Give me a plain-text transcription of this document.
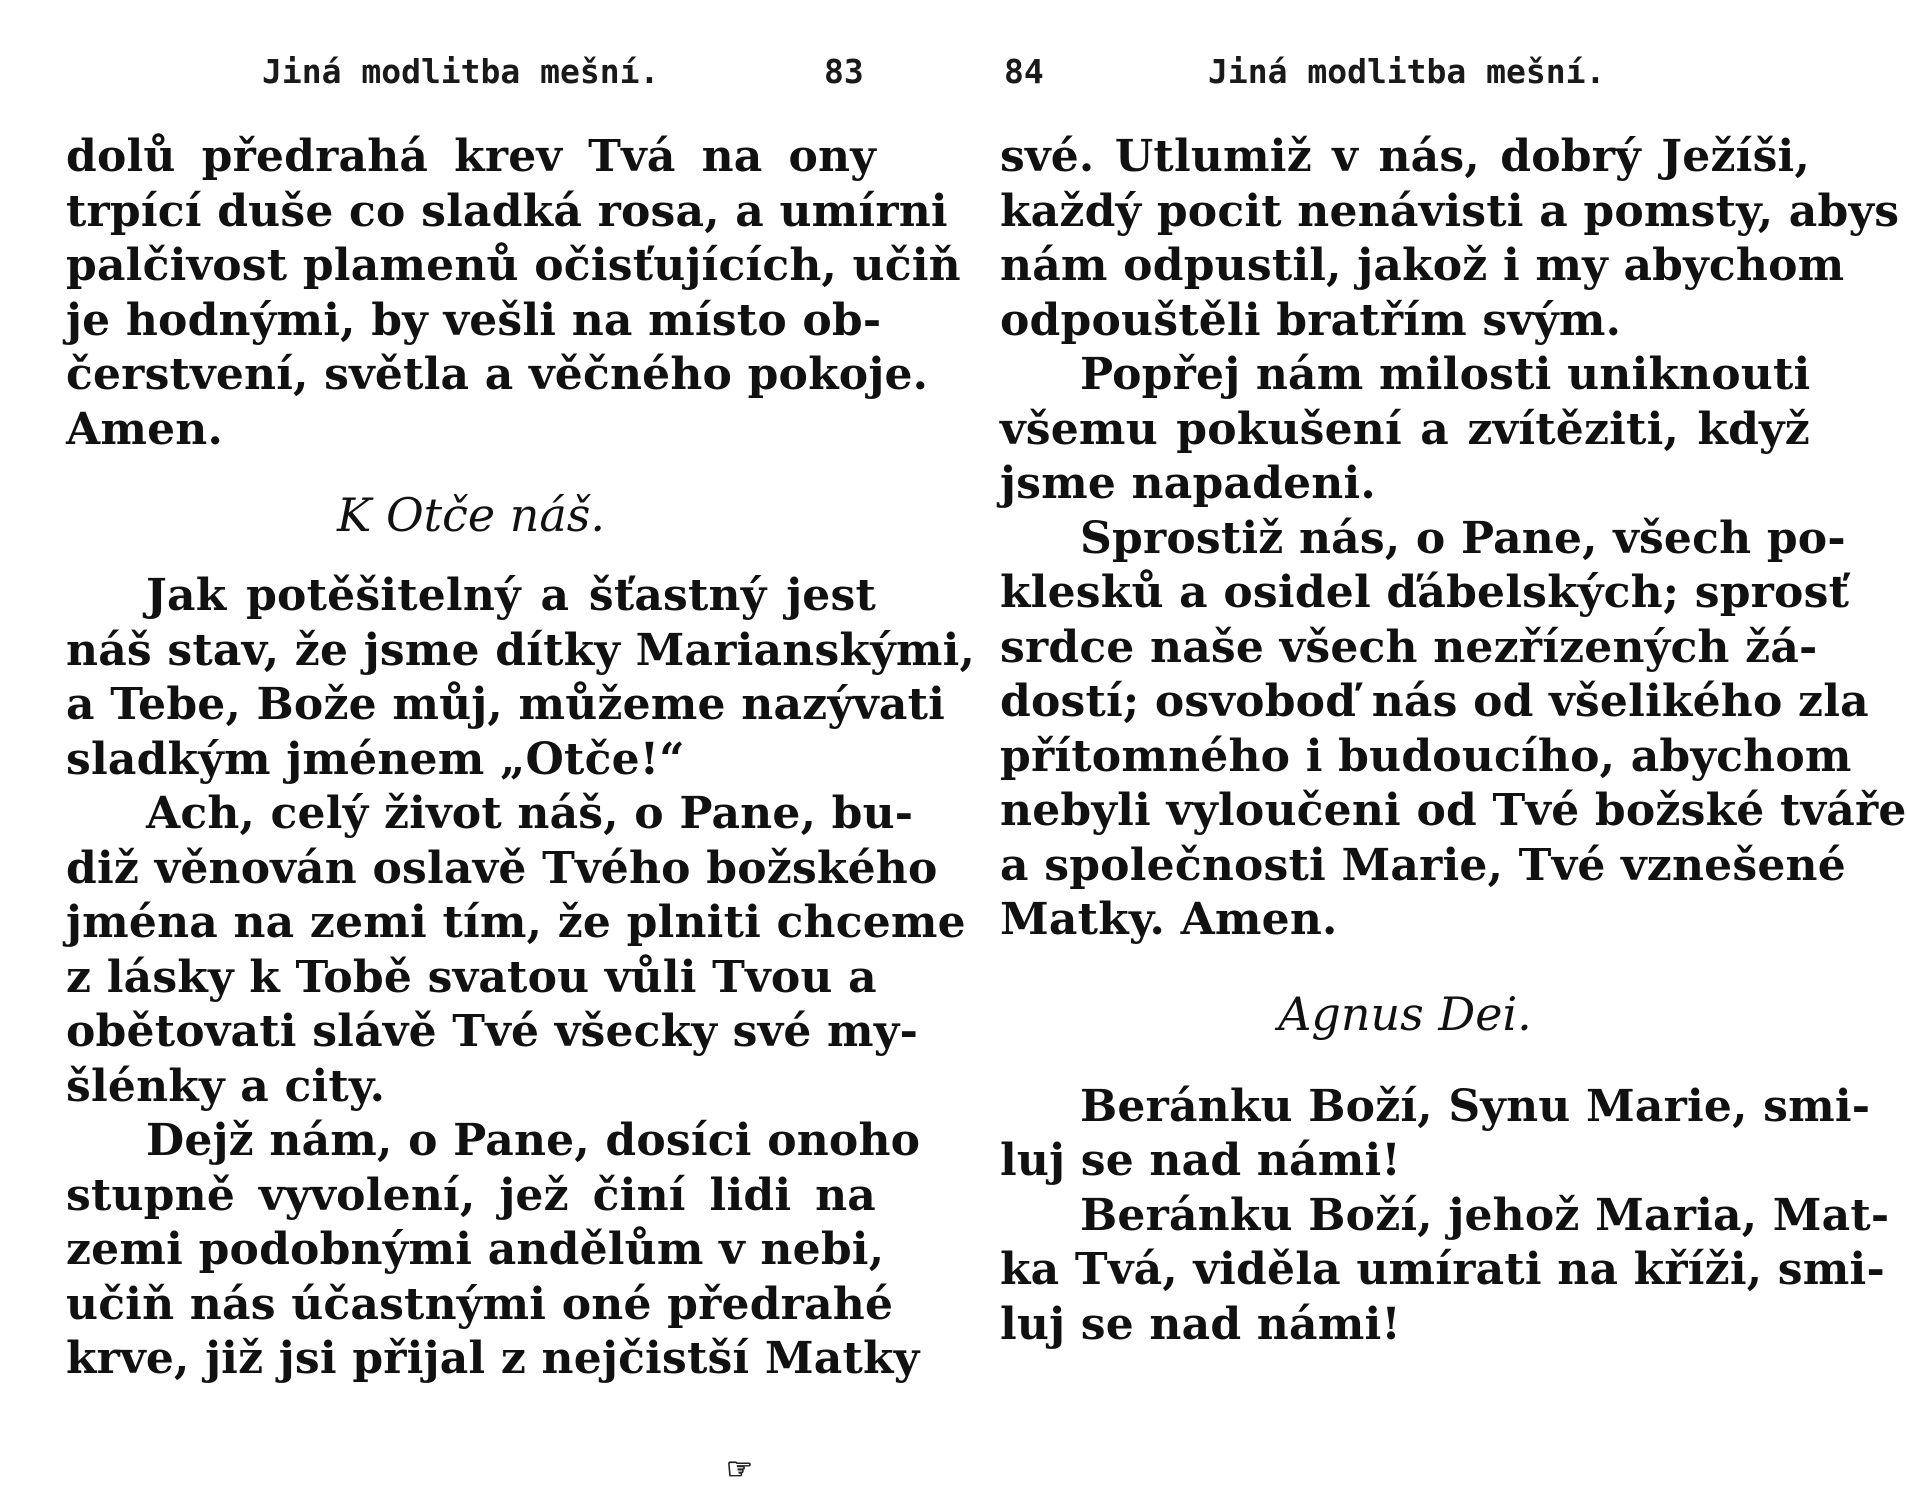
Jiná modlitba mešní.	83
dolů předrahá krev Tvá na ony
trpící duše co sladká rosa, a umírni
palčivost plamenů očisťujících, učiň
je hodnými, by vešli na místo ob-
čerstvení, světla a věčného pokoje.
Amen.
K Otče náš.
Jak potěšitelný a šťastný jest
náš stav, že jsme dítky Marianskými,
a Tebe, Bože můj, můžeme nazývati
sladkým jménem „Otče!“
Ach, celý život náš, o Pane, bu-
diž věnován oslavě Tvého božského
jména na zemi tím, že plniti chceme
z lásky k Tobě svatou vůli Tvou a
obětovati slávě Tvé všecky své my-
šlénky a city.
Dejž nám, o Pane, dosíci onoho
stupně vyvolení, jež činí lidi na
zemi podobnými andělům v nebi,
učiň nás účastnými oné předrahé
krve, již jsi přijal z nejčistší Matky
☞
84	Jiná modlitba mešní.
své. Utlumiž v nás, dobrý Ježíši,
každý pocit nenávisti a pomsty, abys
nám odpustil, jakož i my abychom
odpouštěli bratřím svým.
Popřej nám milosti uniknouti
všemu pokušení a zvítěziti, když
jsme napadeni.
Sprostiž nás, o Pane, všech po-
klesků a osidel ďábelských; sprosť
srdce naše všech nezřízených žá-
dostí; osvoboď nás od všelikého zla
přítomného i budoucího, abychom
nebyli vyloučeni od Tvé božské tváře
a společnosti Marie, Tvé vznešené
Matky. Amen.
Agnus Dei.
Beránku Boží, Synu Marie, smi-
luj se nad námi!
Beránku Boží, jehož Maria, Mat-
ka Tvá, viděla umírati na kříži, smi-
luj se nad námi!
